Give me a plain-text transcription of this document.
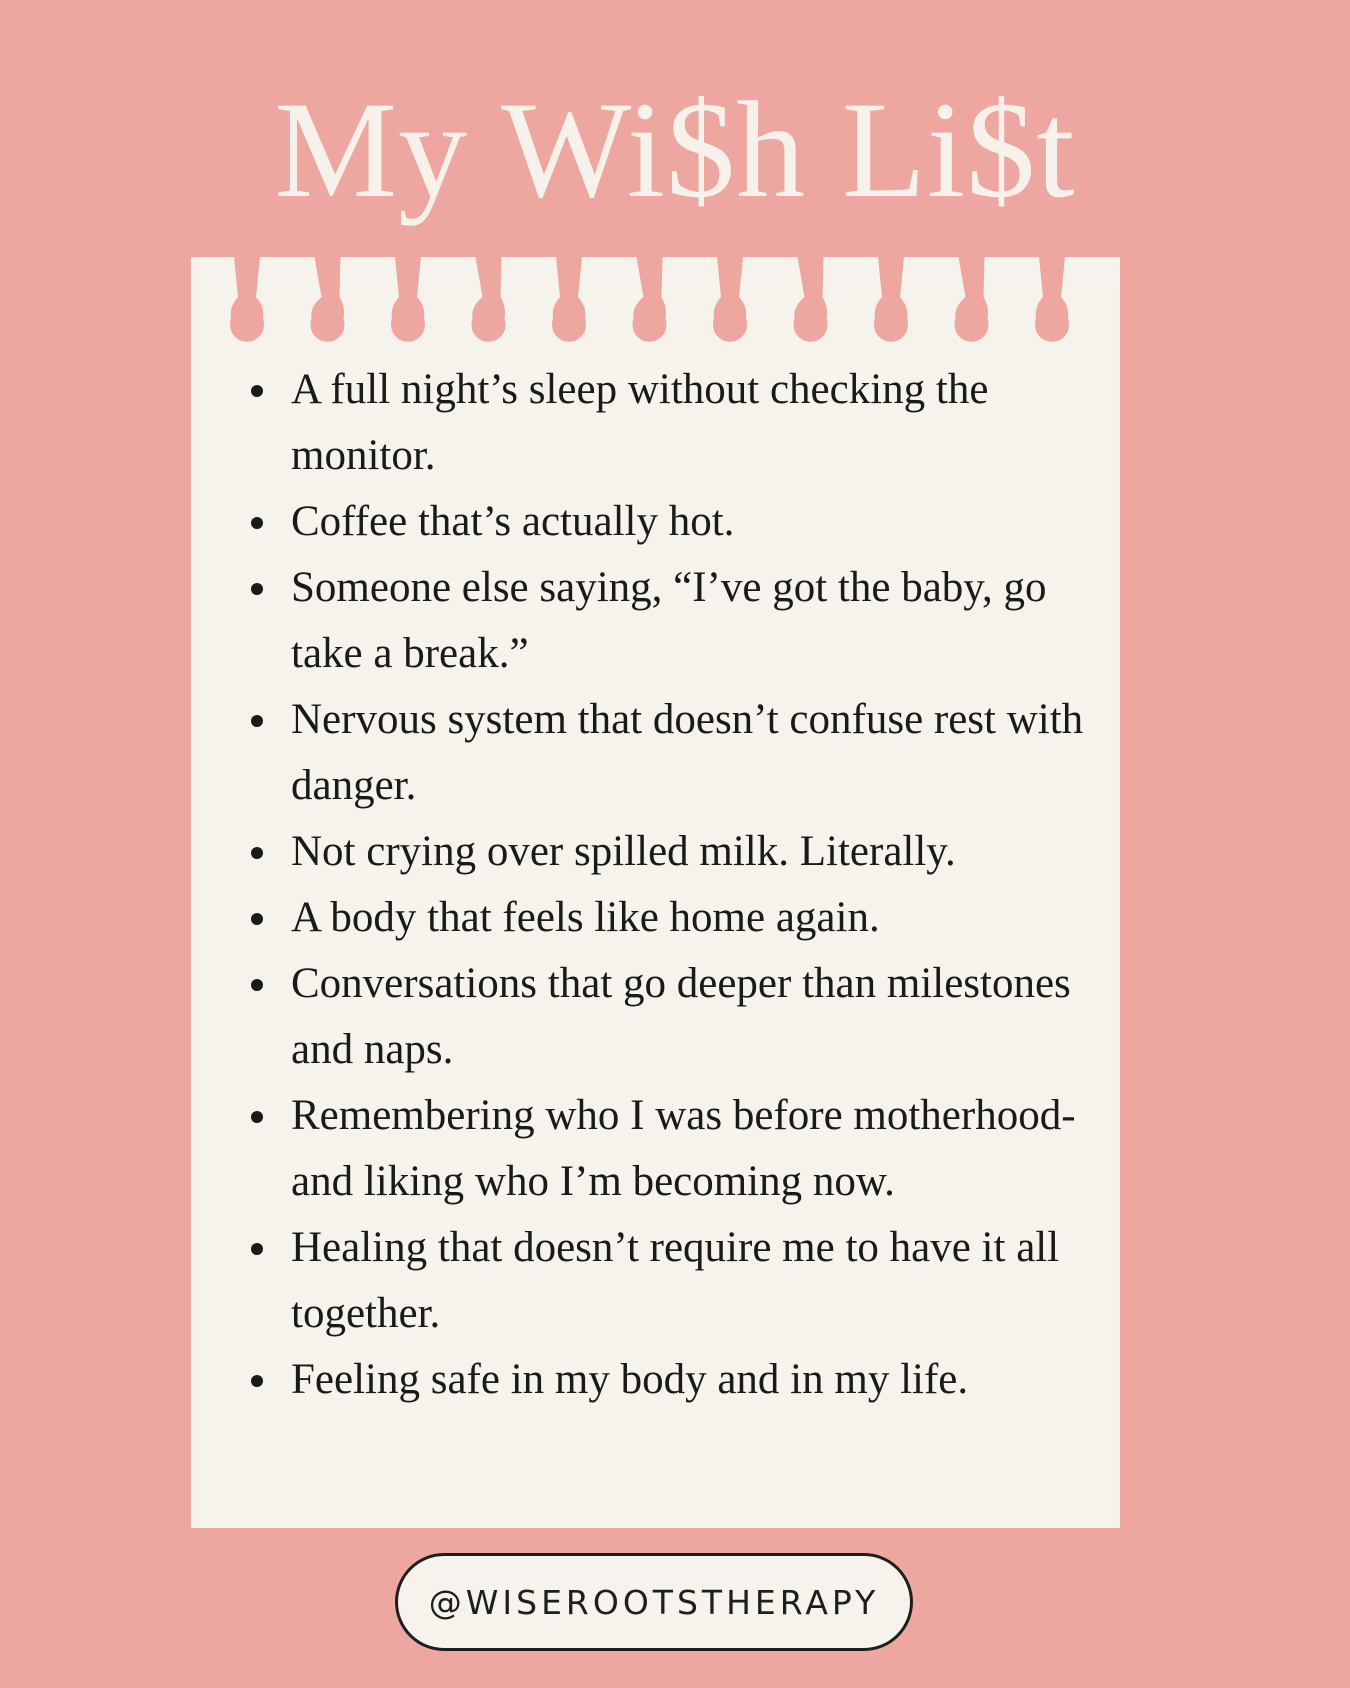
My Wi$h Li$t
A full night’s sleep without checking the monitor.
Coffee that’s actually hot.
Someone else saying, “I’ve got the baby, go take a break.”
Nervous system that doesn’t confuse rest with danger.
Not crying over spilled milk. Literally.
A body that feels like home again.
Conversations that go deeper than milestones and naps.
Remembering who I was before motherhood- and liking who I’m becoming now.
Healing that doesn’t require me to have it all together.
Feeling safe in my body and in my life.
@WISEROOTSTHERAPY
